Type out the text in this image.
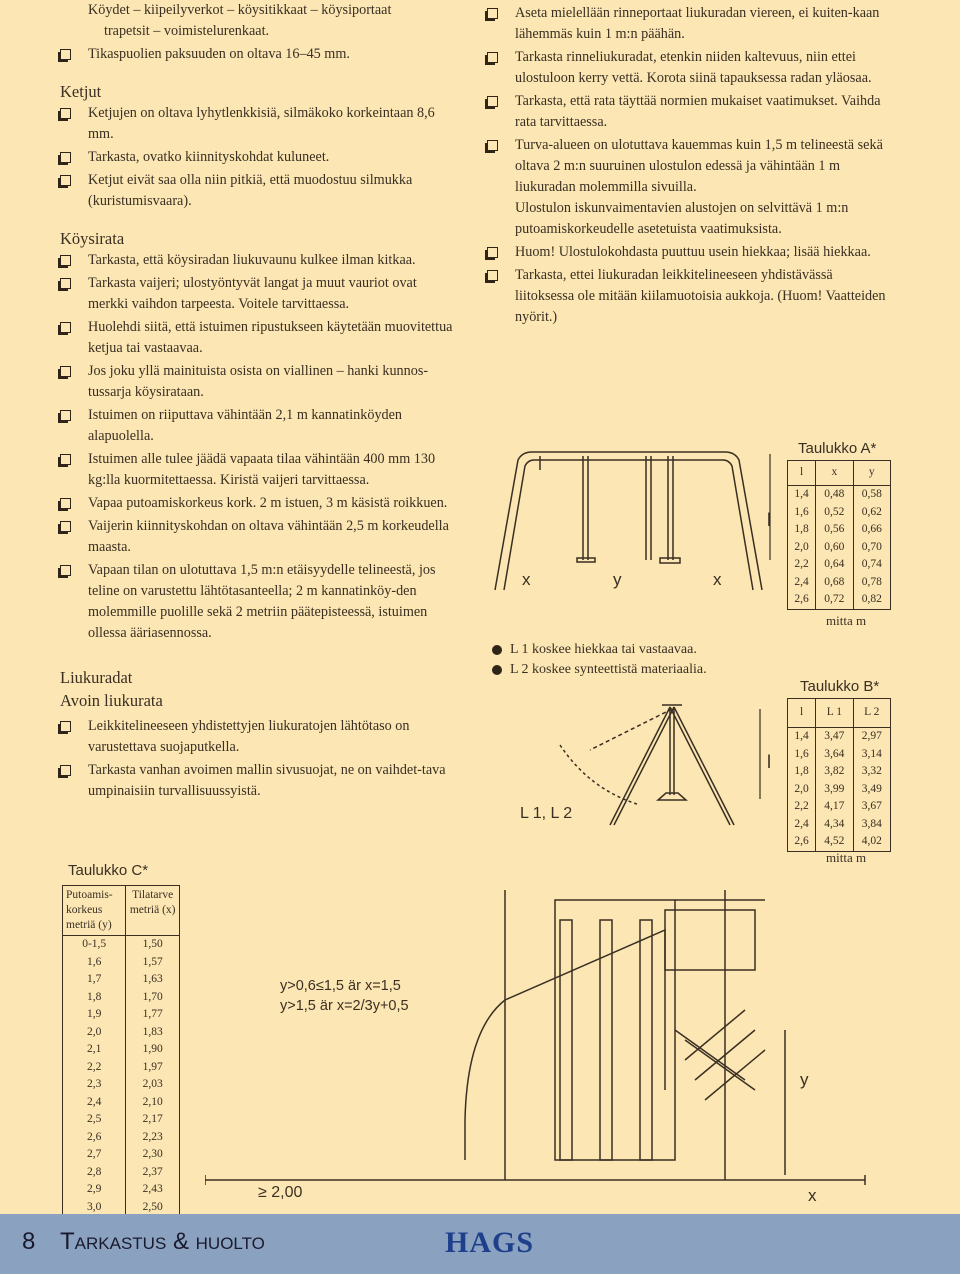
Köydet – kiipeilyverkot – köysitikkaat – köysiportaat
trapetsit – voimistelurenkaat.
Tikaspuolien paksuuden on oltava 16–45 mm.
Ketjut
Ketjujen on oltava lyhytlenkkisiä, silmäkoko korkeintaan 8,6 mm.
Tarkasta, ovatko kiinnityskohdat kuluneet.
Ketjut eivät saa olla niin pitkiä, että muodostuu silmukka (kuristumisvaara).
Köysirata
Tarkasta, että köysiradan liukuvaunu kulkee ilman kitkaa.
Tarkasta vaijeri; ulostyöntyvät langat ja muut vauriot ovat merkki vaihdon tarpeesta. Voitele tarvittaessa.
Huolehdi siitä, että istuimen ripustukseen käytetään muovitettua ketjua tai vastaavaa.
Jos joku yllä mainituista osista on viallinen – hanki kunnos-tussarja köysirataan.
Istuimen on riiputtava vähintään 2,1 m kannatinköyden alapuolella.
Istuimen alle tulee jäädä vapaata tilaa vähintään 400 mm 130 kg:lla kuormitettaessa. Kiristä vaijeri tarvittaessa.
Vapaa putoamiskorkeus kork. 2 m istuen, 3 m käsistä roikkuen.
Vaijerin kiinnityskohdan on oltava vähintään 2,5 m korkeudella maasta.
Vapaan tilan on ulotuttava 1,5 m:n etäisyydelle telineestä, jos teline on varustettu lähtötasanteella; 2 m kannatinköy-den molemmille puolille sekä 2 metriin päätepisteessä, istuimen ollessa ääriasennossa.
Liukuradat
Avoin liukurata
Leikkitelineeseen yhdistettyjen liukuratojen lähtötaso on varustettava suojaputkella.
Tarkasta vanhan avoimen mallin sivusuojat, ne on vaihdet-tava umpinaisiin turvallisuussyistä.
Aseta mielellään rinneportaat liukuradan viereen, ei kuiten-kaan lähemmäs kuin 1 m:n päähän.
Tarkasta rinneliukuradat, etenkin niiden kaltevuus, niin ettei ulostuloon kerry vettä. Korota siinä tapauksessa radan yläosaa.
Tarkasta, että rata täyttää normien mukaiset vaatimukset. Vaihda rata tarvittaessa.
Turva-alueen on ulotuttava kauemmas kuin 1,5 m telineestä sekä oltava 2 m:n suuruinen ulostulon edessä ja vähintään 1 m liukuradan molemmilla sivuilla.
Ulostulon iskunvaimentavien alustojen on selvittävä 1 m:n putoamiskorkeudelle asetetuista vaatimuksista.
Huom! Ulostulokohdasta puuttuu usein hiekkaa; lisää hiekkaa.
Tarkasta, ettei liukuradan leikkitelineeseen yhdistävässä liitoksessa ole mitään kiilamuotoisia aukkoja. (Huom! Vaatteiden nyörit.)
x	y	x
l
L 1 koskee hiekkaa tai vastaavaa.
L 2 koskee synteettistä materiaalia.
Taulukko A*
l	x	y
1,4	0,48	0,58
1,6	0,52	0,62
1,8	0,56	0,66
2,0	0,60	0,70
2,2	0,64	0,74
2,4	0,68	0,78
2,6	0,72	0,82
mitta m
l
L 1, L 2
Taulukko B*
l	L 1	L 2
1,4	3,47	2,97
1,6	3,64	3,14
1,8	3,82	3,32
2,0	3,99	3,49
2,2	4,17	3,67
2,4	4,34	3,84
2,6	4,52	4,02
mitta m
Taulukko C*
Putoamis-korkeus metriä (y)	Tilatarve metriä (x)
0-1,5	1,50
1,6	1,57
1,7	1,63
1,8	1,70
1,9	1,77
2,0	1,83
2,1	1,90
2,2	1,97
2,3	2,03
2,4	2,10
2,5	2,17
2,6	2,23
2,7	2,30
2,8	2,37
2,9	2,43
3,0	2,50
y>0,6≤1,5 är x=1,5
y>1,5 är x=2/3y+0,5
y
x
≥ 2,00
8 Tarkastus & huolto	HAGS
